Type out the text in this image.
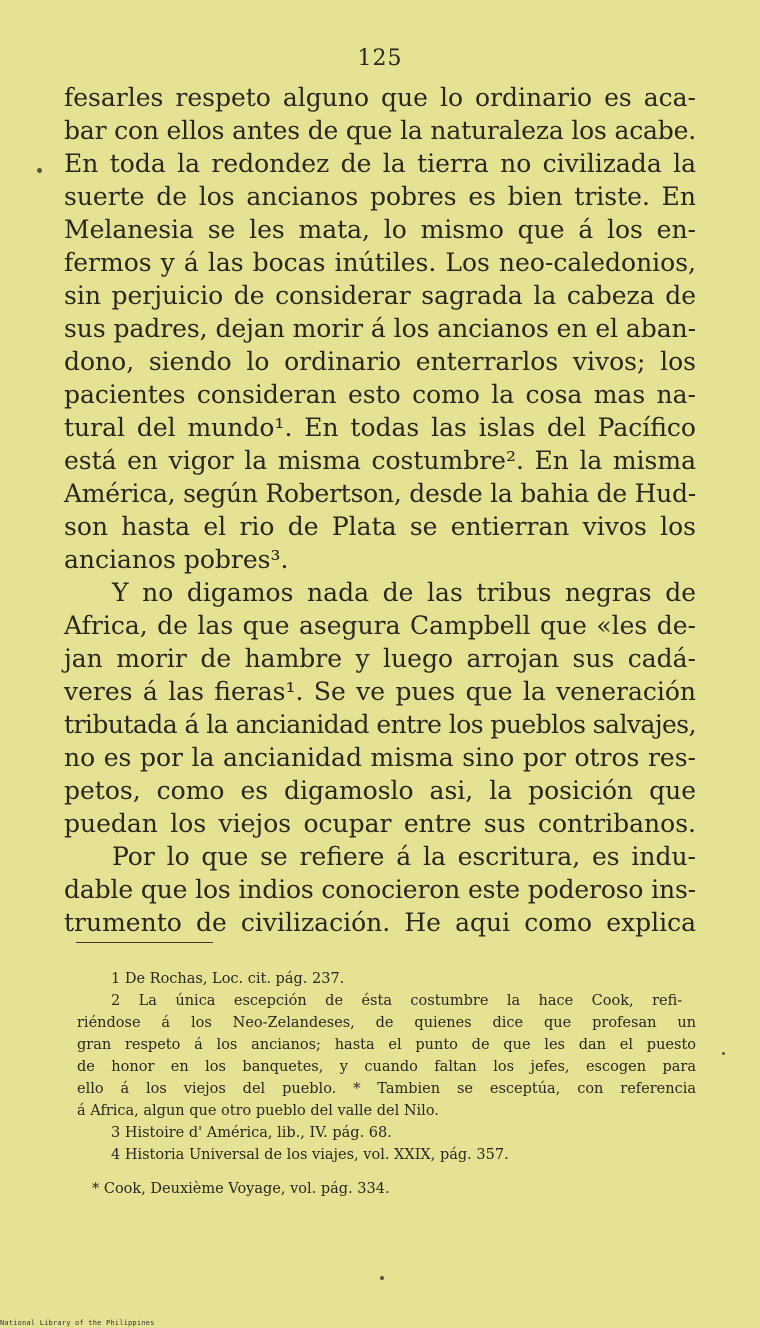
125
fesarles respeto alguno que lo ordinario es aca-
bar con ellos antes de que la naturaleza los acabe.
En toda la redondez de la tierra no civilizada la
suerte de los ancianos pobres es bien triste. En
Melanesia se les mata, lo mismo que á los en-
fermos y á las bocas inútiles. Los neo-caledonios,
sin perjuicio de considerar sagrada la cabeza de
sus padres, dejan morir á los ancianos en el aban-
dono, siendo lo ordinario enterrarlos vivos; los
pacientes consideran esto como la cosa mas na-
tural del mundo¹. En todas las islas del Pacífico
está en vigor la misma costumbre². En la misma
América, según Robertson, desde la bahia de Hud-
son hasta el rio de Plata se entierran vivos los
ancianos pobres³.
Y no digamos nada de las tribus negras de
Africa, de las que asegura Campbell que «les de-
jan morir de hambre y luego arrojan sus cadá-
veres á las fieras¹. Se ve pues que la veneración
tributada á la ancianidad entre los pueblos salvajes,
no es por la ancianidad misma sino por otros res-
petos, como es digamoslo asi, la posición que
puedan los viejos ocupar entre sus contribanos.
Por lo que se refiere á la escritura, es indu-
dable que los indios conocieron este poderoso ins-
trumento de civilización. He aqui como explica
1 De Rochas, Loc. cit. pág. 237.
2 La única escepción de ésta costumbre la hace Cook, refi-
riéndose á los Neo-Zelandeses, de quienes dice que profesan un
gran respeto á los ancianos; hasta el punto de que les dan el puesto
de honor en los banquetes, y cuando faltan los jefes, escogen para
ello á los viejos del pueblo. * Tambien se esceptúa, con referencia
á Africa, algun que otro pueblo del valle del Nilo.
3 Histoire d' América, lib., IV. pág. 68.
4 Historia Universal de los viajes, vol. XXIX, pág. 357.
* Cook, Deuxième Voyage, vol. pág. 334.
National Library of the Philippines
